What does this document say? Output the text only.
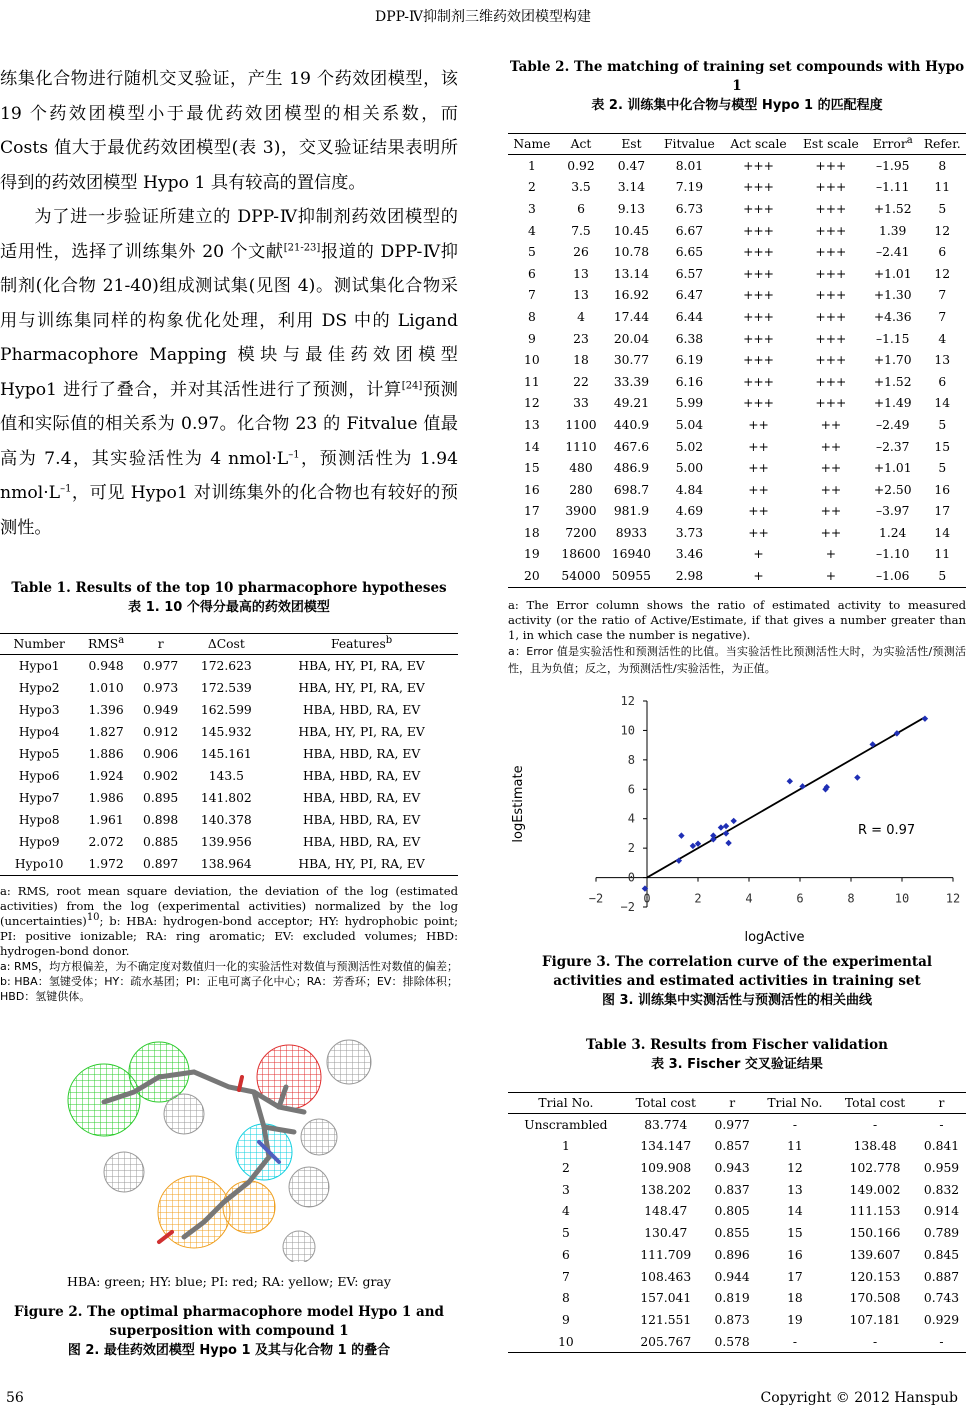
DPP-Ⅳ抑制剂三维药效团模型构建

练集化合物进行随机交叉验证，产生 19 个药效团模型，该 19 个药效团模型小于最优药效团模型的相关系数，而 Costs 值大于最优药效团模型(表 3)，交叉验证结果表明所得到的药效团模型 Hypo 1 具有较高的置信度。

为了进一步验证所建立的 DPP-Ⅳ抑制剂药效团模型的适用性，选择了训练集外 20 个文献[21-23]报道的 DPP-Ⅳ抑制剂(化合物 21-40)组成测试集(见图 4)。测试集化合物采用与训练集同样的构象优化处理，利用 DS 中的 Ligand Pharmacophore Mapping 模块与最佳药效团模型 Hypo1 进行了叠合，并对其活性进行了预测，计算[24]预测值和实际值的相关系为 0.97。化合物 23 的 Fitvalue 值最高为 7.4，其实验活性为 4 $nmol\cdot L^{-1}$，预测活性为 1.94 $nmol\cdot L^{-1}$，可见 Hypo1 对训练集外的化合物也有较好的预测性。

Table 1. Results of the top 10 pharmacophore hypotheses
表 1. 10 个得分最高的药效团模型
Number	RMS$^a$	r	ΔCost	Features$^b$
Hypo1	0.948	0.977	172.623	HBA, HY, PI, RA, EV
Hypo2	1.010	0.973	172.539	HBA, HY, PI, RA, EV
Hypo3	1.396	0.949	162.599	HBA, HBD, RA, EV
Hypo4	1.827	0.912	145.932	HBA, HY, PI, RA, EV
Hypo5	1.886	0.906	145.161	HBA, HBD, RA, EV
Hypo6	1.924	0.902	143.5	HBA, HBD, RA, EV
Hypo7	1.986	0.895	141.802	HBA, HBD, RA, EV
Hypo8	1.961	0.898	140.378	HBA, HBD, RA, EV
Hypo9	2.072	0.885	139.956	HBA, HBD, RA, EV
Hypo10	1.972	0.897	138.964	HBA, HY, PI, RA, EV
a: RMS, root mean square deviation, the deviation of the log (estimated activities) from the log (experimental activities) normalized by the log (uncertainties)$^{10}$; b: HBA: hydrogen-bond acceptor; HY: hydrophobic point; PI: positive ionizable; RA: ring aromatic; EV: excluded volumes; HBD: hydrogen-bond donor.
a: RMS，均方根偏差，为不确定度对数值归一化的实验活性对数值与预测活性对数值的偏差；b: HBA：氢键受体；HY：疏水基团；PI：正电可离子化中心；RA：芳香环；EV：排除体积；HBD：氢键供体。
HBA: green; HY: blue; PI: red; RA: yellow; EV: gray
Figure 2. The optimal pharmacophore model Hypo 1 and superposition with compound 1
图 2. 最佳药效团模型 Hypo 1 及其与化合物 1 的叠合
Table 2. The matching of training set compounds with Hypo 1
表 2. 训练集中化合物与模型 Hypo 1 的匹配程度
Name	Act	Est	Fitvalue	Act scale	Est scale	Error$^a$	Refer.
1	0.92	0.47	8.01	+++	+++	–1.95	8
2	3.5	3.14	7.19	+++	+++	–1.11	11
3	6	9.13	6.73	+++	+++	+1.52	5
4	7.5	10.45	6.67	+++	+++	1.39	12
5	26	10.78	6.65	+++	+++	–2.41	6
6	13	13.14	6.57	+++	+++	+1.01	12
7	13	16.92	6.47	+++	+++	+1.30	7
8	4	17.44	6.44	+++	+++	+4.36	7
9	23	20.04	6.38	+++	+++	–1.15	4
10	18	30.77	6.19	+++	+++	+1.70	13
11	22	33.39	6.16	+++	+++	+1.52	6
12	33	49.21	5.99	+++	+++	+1.49	14
13	1100	440.9	5.04	++	++	–2.49	5
14	1110	467.6	5.02	++	++	–2.37	15
15	480	486.9	5.00	++	++	+1.01	5
16	280	698.7	4.84	++	++	+2.50	16
17	3900	981.9	4.69	++	++	–3.97	17
18	7200	8933	3.73	++	++	1.24	14
19	18600	16940	3.46	+	+	–1.10	11
20	54000	50955	2.98	+	+	–1.06	5
a: The Error column shows the ratio of estimated activity to measured activity (or the ratio of Active/Estimate, if that gives a number greater than 1, in which case the number is negative).
a：Error 值是实验活性和预测活性的比值。当实验活性比预测活性大时，为实验活性/预测活性，且为负值；反之，为预测活性/实验活性，为正值。
−2	0	2	4	6	8	10	12
12
10
8
6
4
2
0
−2
R = 0.97
logActive
logEstimate
Figure 3. The correlation curve of the experimental activities and estimated activities in training set
图 3. 训练集中实测活性与预测活性的相关曲线
Table 3. Results from Fischer validation
表 3. Fischer 交叉验证结果
Trial No.	Total cost	r	Trial No.	Total cost	r
Unscrambled	83.774	0.977	-	-	-
1	134.147	0.857	11	138.48	0.841
2	109.908	0.943	12	102.778	0.959
3	138.202	0.837	13	149.002	0.832
4	148.47	0.805	14	111.153	0.914
5	130.47	0.855	15	150.166	0.789
6	111.709	0.896	16	139.607	0.845
7	108.463	0.944	17	120.153	0.887
8	157.041	0.819	18	170.508	0.743
9	121.551	0.873	19	107.181	0.929
10	205.767	0.578	-	-	-
56	Copyright © 2012 Hanspub
